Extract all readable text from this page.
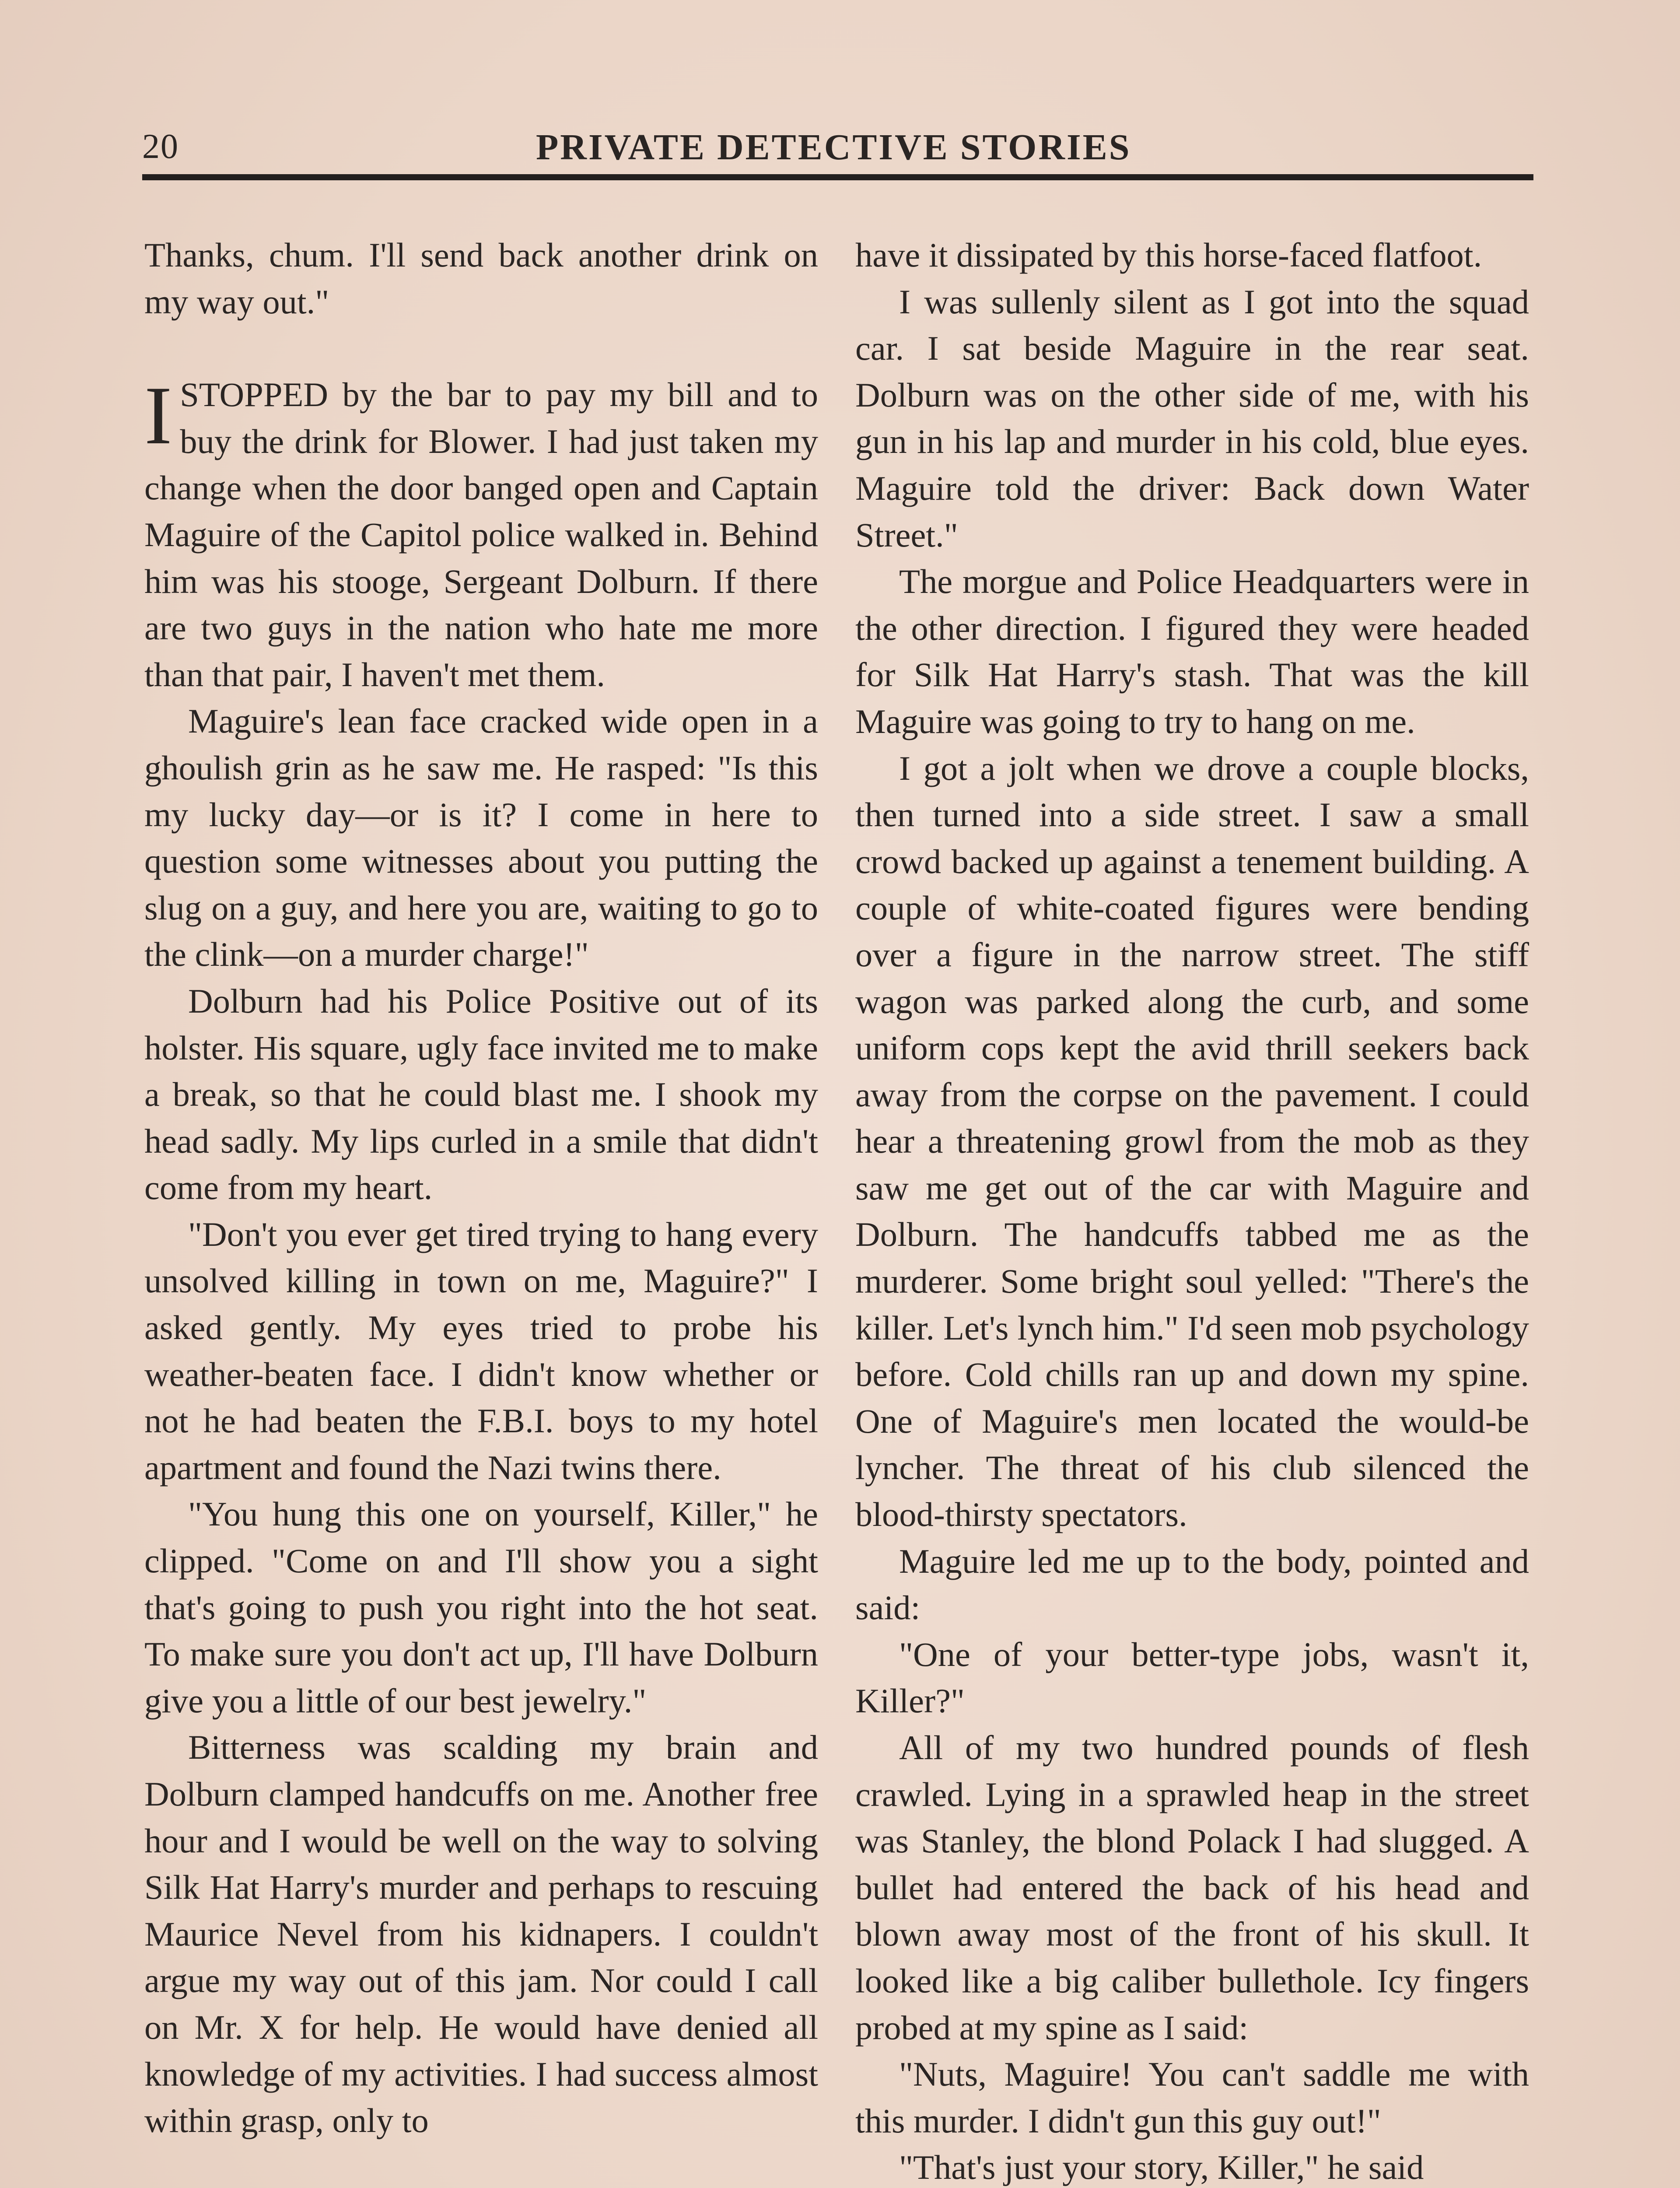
20	PRIVATE DETECTIVE STORIES

Thanks, chum. I'll send back another drink on my way out."

ISTOPPED by the bar to pay my bill and to buy the drink for Blower. I had just taken my change when the door banged open and Captain Maguire of the Capitol police walked in. Behind him was his stooge, Sergeant Dolburn. If there are two guys in the nation who hate me more than that pair, I haven't met them.

Maguire's lean face cracked wide open in a ghoulish grin as he saw me. He rasped: "Is this my lucky day—or is it? I come in here to question some witnesses about you putting the slug on a guy, and here you are, waiting to go to the clink—on a murder charge!"

Dolburn had his Police Positive out of its holster. His square, ugly face invited me to make a break, so that he could blast me. I shook my head sadly. My lips curled in a smile that didn't come from my heart.

"Don't you ever get tired trying to hang every unsolved killing in town on me, Maguire?" I asked gently. My eyes tried to probe his weather-beaten face. I didn't know whether or not he had beaten the F.B.I. boys to my hotel apartment and found the Nazi twins there.

"You hung this one on yourself, Killer," he clipped. "Come on and I'll show you a sight that's going to push you right into the hot seat. To make sure you don't act up, I'll have Dolburn give you a little of our best jewelry."

Bitterness was scalding my brain and Dolburn clamped handcuffs on me. Another free hour and I would be well on the way to solving Silk Hat Harry's murder and perhaps to rescuing Maurice Nevel from his kidnapers. I couldn't argue my way out of this jam. Nor could I call on Mr. X for help. He would have denied all knowledge of my activities. I had success almost within grasp, only to

have it dissipated by this horse-faced flatfoot.

I was sullenly silent as I got into the squad car. I sat beside Maguire in the rear seat. Dolburn was on the other side of me, with his gun in his lap and murder in his cold, blue eyes. Maguire told the driver: Back down Water Street."

The morgue and Police Headquarters were in the other direction. I figured they were headed for Silk Hat Harry's stash. That was the kill Maguire was going to try to hang on me.

I got a jolt when we drove a couple blocks, then turned into a side street. I saw a small crowd backed up against a tenement building. A couple of white-coated figures were bending over a figure in the narrow street. The stiff wagon was parked along the curb, and some uniform cops kept the avid thrill seekers back away from the corpse on the pavement. I could hear a threatening growl from the mob as they saw me get out of the car with Maguire and Dolburn. The handcuffs tabbed me as the murderer. Some bright soul yelled: "There's the killer. Let's lynch him." I'd seen mob psychology before. Cold chills ran up and down my spine. One of Maguire's men located the would-be lyncher. The threat of his club silenced the blood-thirsty spectators.

Maguire led me up to the body, pointed and said:

"One of your better-type jobs, wasn't it, Killer?"

All of my two hundred pounds of flesh crawled. Lying in a sprawled heap in the street was Stanley, the blond Polack I had slugged. A bullet had entered the back of his head and blown away most of the front of his skull. It looked like a big caliber bullethole. Icy fingers probed at my spine as I said:

"Nuts, Maguire! You can't saddle me with this murder. I didn't gun this guy out!"

"That's just your story, Killer," he said
